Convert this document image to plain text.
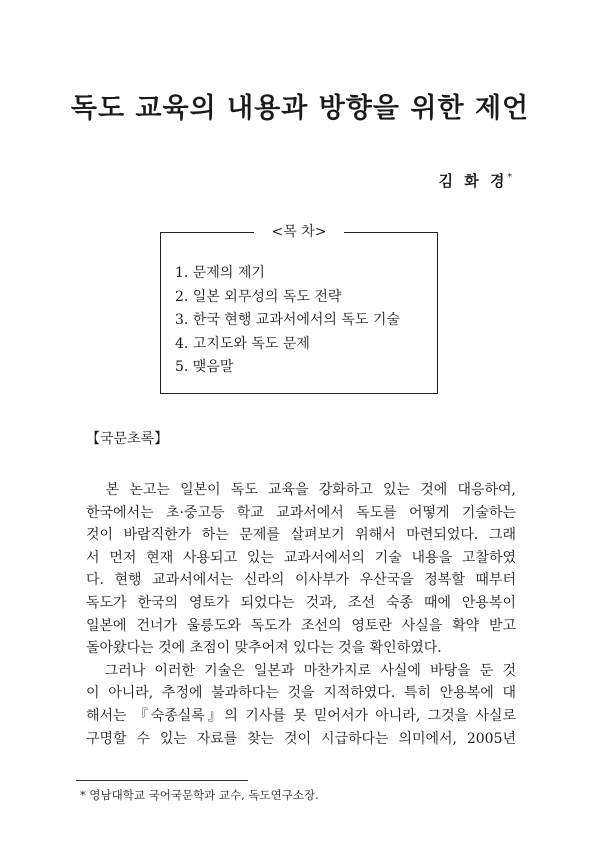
독도 교육의 내용과 방향을 위한 제언
김 화 경*
<목 차>
1. 문제의 제기
2. 일본 외무성의 독도 전략
3. 한국 현행 교과서에서의 독도 기술
4. 고지도와 독도 문제
5. 맺음말
【국문초록】
　본 논고는 일본이 독도 교육을 강화하고 있는 것에 대응하여,
한국에서는 초·중고등 학교 교과서에서 독도를 어떻게 기술하는
것이 바람직한가 하는 문제를 살펴보기 위해서 마련되었다. 그래
서 먼저 현재 사용되고 있는 교과서에서의 기술 내용을 고찰하였
다. 현행 교과서에서는 신라의 이사부가 우산국을 정복할 때부터
독도가 한국의 영토가 되었다는 것과, 조선 숙종 때에 안용복이
일본에 건너가 울릉도와 독도가 조선의 영토란 사실을 확약 받고
돌아왔다는 것에 초점이 맞추어져 있다는 것을 확인하였다.
　그러나 이러한 기술은 일본과 마찬가지로 사실에 바탕을 둔 것
이 아니라, 추정에 불과하다는 것을 지적하였다. 특히 안용복에 대
해서는 『숙종실록』의 기사를 못 믿어서가 아니라, 그것을 사실로
구명할 수 있는 자료를 찾는 것이 시급하다는 의미에서, 2005년
* 영남대학교 국어국문학과 교수, 독도연구소장.
